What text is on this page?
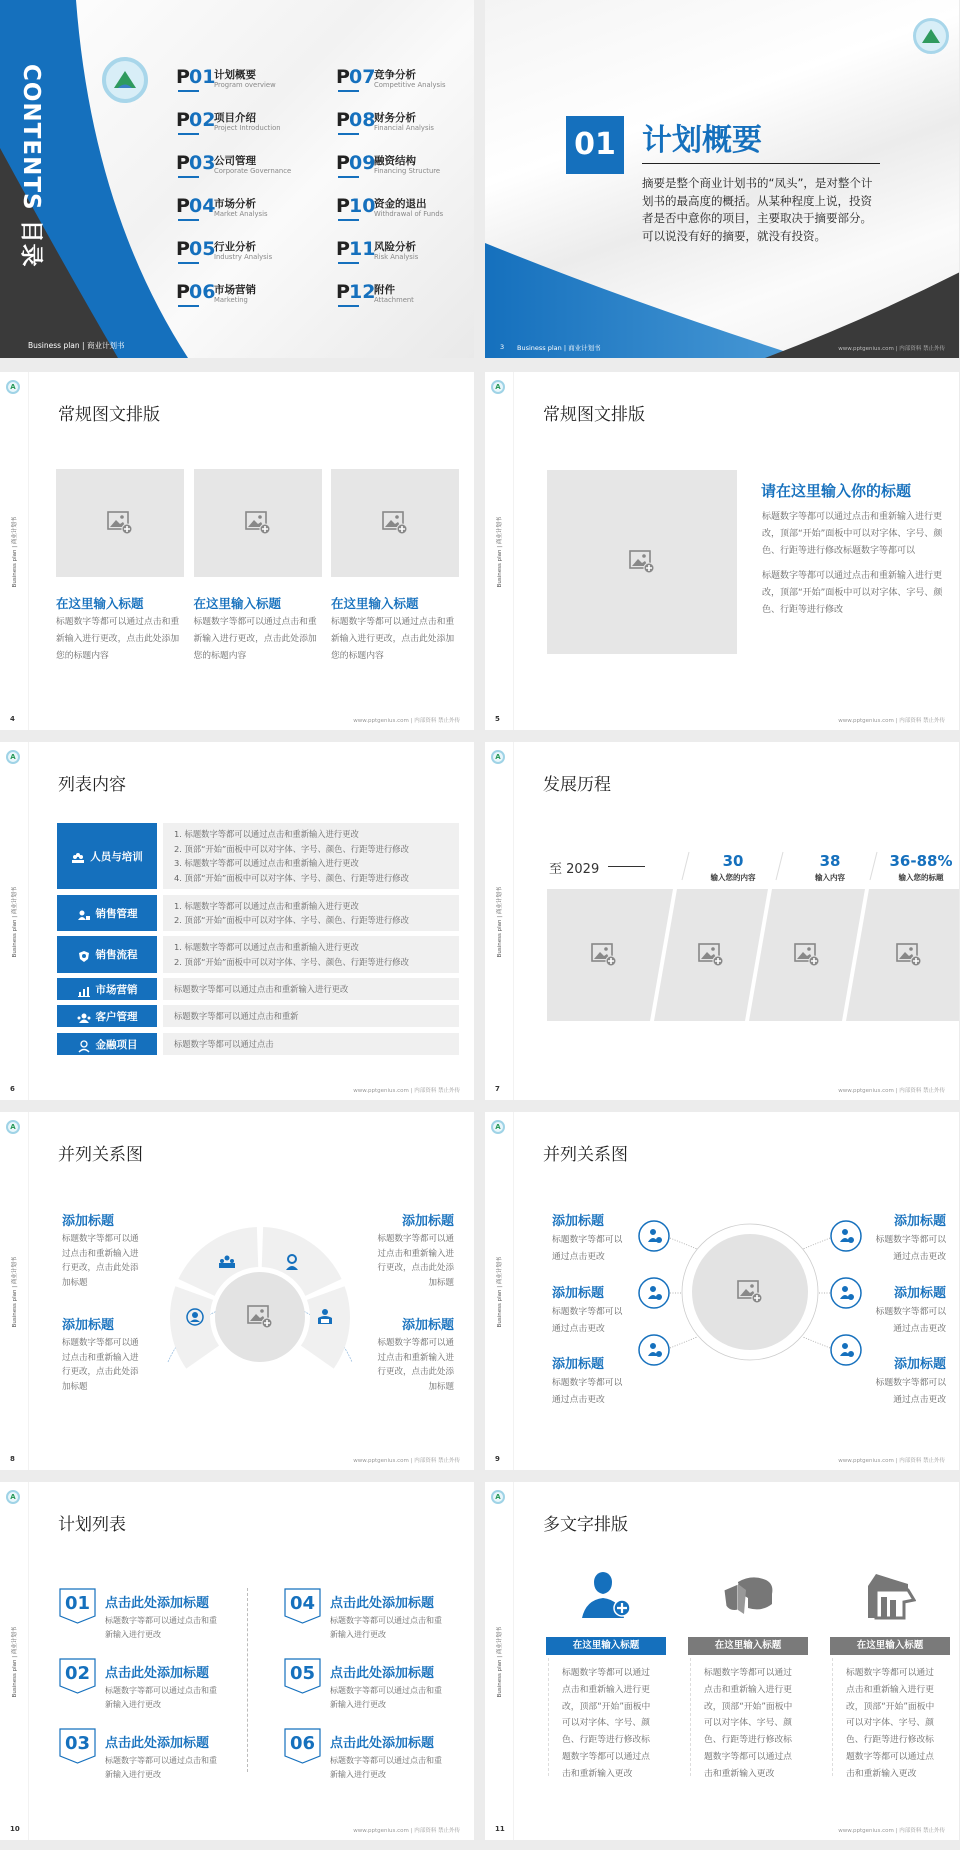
CONTENTS 目录
P 01
计划概要
Program overview
P 02
项目介绍
Project Introduction
P 03
公司管理
Corporate Governance
P 04
市场分析
Market Analysis
P 05
行业分析
Industry Analysis
P 06
市场营销
Marketing
P 07
竞争分析
Competitive Analysis
P 08
财务分析
Financial Analysis
P 09
融资结构
Financing Structure
P 10
资金的退出
Withdrawal of Funds
P 11
风险分析
Risk Analysis
P 12
附件
Attachment
Business plan | 商业计划书
01 计划概要
摘要是整个商业计划书的“凤头”，是对整个计划书的最高度的概括。从某种程度上说，投资者是否中意你的项目，主要取决于摘要部分。可以说没有好的摘要，就没有投资。
3 Business plan | 商业计划书	www.pptgenius.com | 内部资料 禁止外传
常规图文排版
A
Business plan | 商业计划书
4	www.pptgenius.com | 内部资料 禁止外传
在这里输入标题
标题数字等都可以通过点击和重新输入进行更改，点击此处添加您的标题内容
在这里输入标题
标题数字等都可以通过点击和重新输入进行更改，点击此处添加您的标题内容
在这里输入标题
标题数字等都可以通过点击和重新输入进行更改，点击此处添加您的标题内容
常规图文排版
请在这里输入你的标题
标题数字等都可以通过点击和重新输入进行更改，顶部“开始”面板中可以对字体、字号、颜色、行距等进行修改标题数字等都可以
标题数字等都可以通过点击和重新输入进行更改，顶部“开始”面板中可以对字体、字号、颜色、行距等进行修改
A
Business plan | 商业计划书
5	www.pptgenius.com | 内部资料 禁止外传
列表内容
A
Business plan | 商业计划书
6	www.pptgenius.com | 内部资料 禁止外传
人员与培训
1. 标题数字等都可以通过点击和重新输入进行更改
2. 顶部“开始”面板中可以对字体、字号、颜色、行距等进行修改
3. 标题数字等都可以通过点击和重新输入进行更改
4. 顶部“开始”面板中可以对字体、字号、颜色、行距等进行修改
销售管理
1. 标题数字等都可以通过点击和重新输入进行更改
2. 顶部“开始”面板中可以对字体、字号、颜色、行距等进行修改
销售流程
1. 标题数字等都可以通过点击和重新输入进行更改
2. 顶部“开始”面板中可以对字体、字号、颜色、行距等进行修改
市场营销	标题数字等都可以通过点击和重新输入进行更改
客户管理	标题数字等都可以通过点击和重新
金融项目	标题数字等都可以通过点击
发展历程
至 2029
A
Business plan | 商业计划书
7	www.pptgenius.com | 内部资料 禁止外传
30
输入您的内容
38
输入内容
36-88%
输入您的标题
并列关系图
A
Business plan | 商业计划书
8	www.pptgenius.com | 内部资料 禁止外传
添加标题
标题数字等都可以通过点击和重新输入进行更改，点击此处添加标题
添加标题
标题数字等都可以通过点击和重新输入进行更改，点击此处添加标题
添加标题
标题数字等都可以通过点击和重新输入进行更改，点击此处添加标题
添加标题
标题数字等都可以通过点击和重新输入进行更改，点击此处添加标题
并列关系图
A
Business plan | 商业计划书
9	www.pptgenius.com | 内部资料 禁止外传
添加标题
标题数字等都可以通过点击更改
添加标题
标题数字等都可以通过点击更改
添加标题
标题数字等都可以通过点击更改
添加标题
标题数字等都可以通过点击更改
添加标题
标题数字等都可以通过点击更改
添加标题
标题数字等都可以通过点击更改
计划列表
A
Business plan | 商业计划书
10	www.pptgenius.com | 内部资料 禁止外传
01	点击此处添加标题
标题数字等都可以通过点击和重新输入进行更改
02	点击此处添加标题
标题数字等都可以通过点击和重新输入进行更改
03	点击此处添加标题
标题数字等都可以通过点击和重新输入进行更改
04	点击此处添加标题
标题数字等都可以通过点击和重新输入进行更改
05	点击此处添加标题
标题数字等都可以通过点击和重新输入进行更改
06	点击此处添加标题
标题数字等都可以通过点击和重新输入进行更改
多文字排版
A
Business plan | 商业计划书
11	www.pptgenius.com | 内部资料 禁止外传
在这里输入标题
标题数字等都可以通过点击和重新输入进行更改，顶部“开始”面板中可以对字体、字号、颜色、行距等进行修改标题数字等都可以通过点击和重新输入更改
在这里输入标题
标题数字等都可以通过点击和重新输入进行更改，顶部“开始”面板中可以对字体、字号、颜色、行距等进行修改标题数字等都可以通过点击和重新输入更改
在这里输入标题
标题数字等都可以通过点击和重新输入进行更改，顶部“开始”面板中可以对字体、字号、颜色、行距等进行修改标题数字等都可以通过点击和重新输入更改
